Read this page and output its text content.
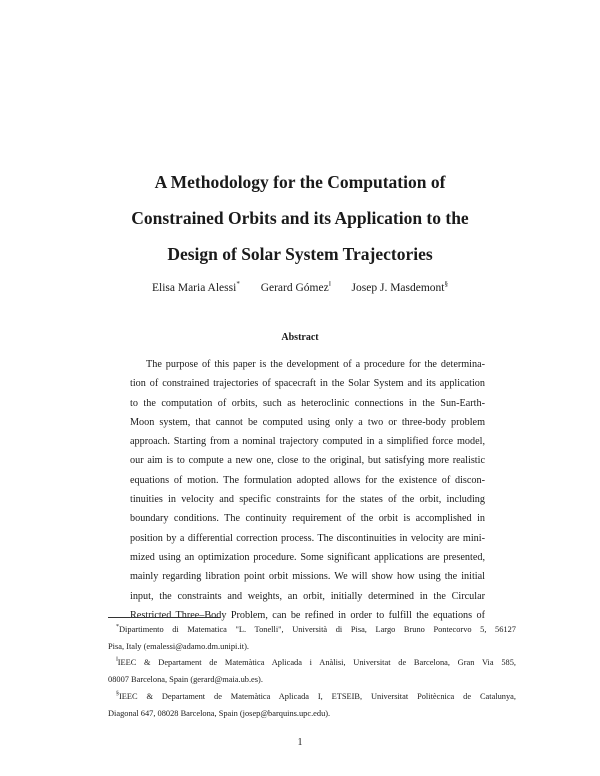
A Methodology for the Computation of
Constrained Orbits and its Application to the
Design of Solar System Trajectories
Elisa Maria Alessi* Gerard Gómez‖ Josep J. Masdemont§
Abstract
The purpose of this paper is the development of a procedure for the determina-
tion of constrained trajectories of spacecraft in the Solar System and its application
to the computation of orbits, such as heteroclinic connections in the Sun-Earth-
Moon system, that cannot be computed using only a two or three-body problem
approach. Starting from a nominal trajectory computed in a simplified force model,
our aim is to compute a new one, close to the original, but satisfying more realistic
equations of motion. The formulation adopted allows for the existence of discon-
tinuities in velocity and specific constraints for the states of the orbit, including
boundary conditions. The continuity requirement of the orbit is accomplished in
position by a differential correction process. The discontinuities in velocity are mini-
mized using an optimization procedure. Some significant applications are presented,
mainly regarding libration point orbit missions. We will show how using the initial
input, the constraints and weights, an orbit, initially determined in the Circular
Restricted Three–Body Problem, can be refined in order to fulfill the equations of
*Dipartimento di Matematica "L. Tonelli", Università di Pisa, Largo Bruno Pontecorvo 5, 56127
Pisa, Italy (emalessi@adamo.dm.unipi.it).
‖IEEC & Departament de Matemàtica Aplicada i Anàlisi, Universitat de Barcelona, Gran Via 585,
08007 Barcelona, Spain (gerard@maia.ub.es).
§IEEC & Departament de Matemàtica Aplicada I, ETSEIB, Universitat Politècnica de Catalunya,
Diagonal 647, 08028 Barcelona, Spain (josep@barquins.upc.edu).
1
